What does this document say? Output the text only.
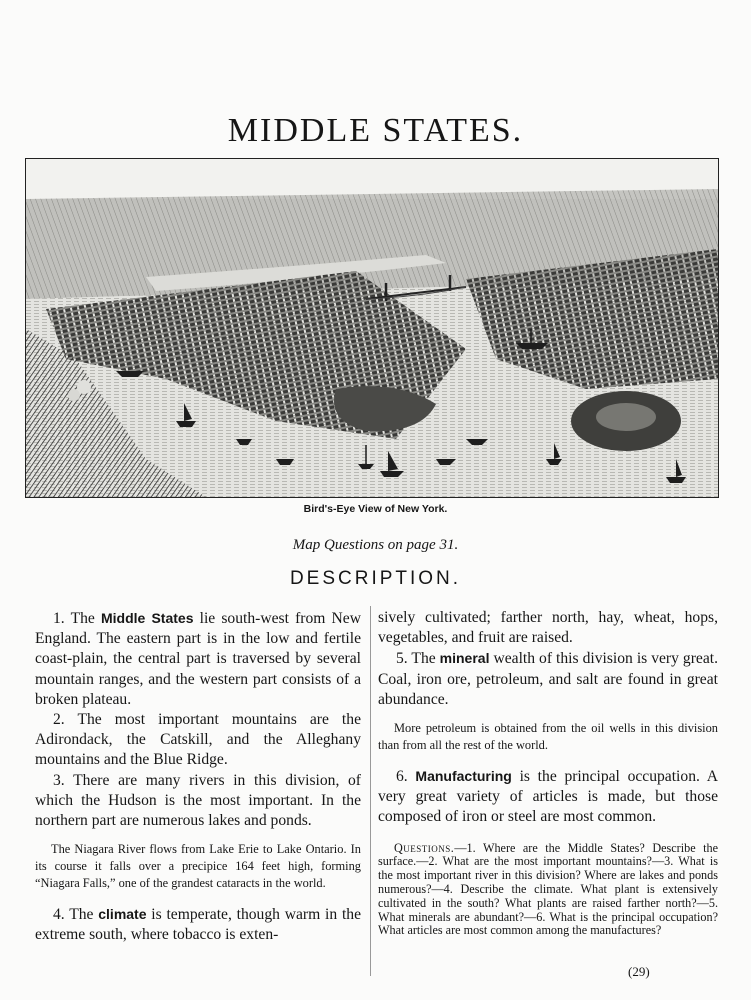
MIDDLE STATES.
Bird's-Eye View of New York.
Map Questions on page 31.
DESCRIPTION.

1. The Middle States lie south-west from New England. The eastern part is in the low and fertile coast-plain, the central part is traversed by several mountain ranges, and the western part consists of a broken plateau.

2. The most important mountains are the Adirondack, the Catskill, and the Alleghany mountains and the Blue Ridge.

3. There are many rivers in this division, of which the Hudson is the most important. In the northern part are numerous lakes and ponds.

The Niagara River flows from Lake Erie to Lake Ontario. In its course it falls over a precipice 164 feet high, forming “Niagara Falls,” one of the grandest cataracts in the world.

4. The climate is temperate, though warm in the extreme south, where tobacco is exten-

sively cultivated; farther north, hay, wheat, hops, vegetables, and fruit are raised.

5. The mineral wealth of this division is very great. Coal, iron ore, petroleum, and salt are found in great abundance.

More petroleum is obtained from the oil wells in this division than from all the rest of the world.

6. Manufacturing is the principal occupation. A very great variety of articles is made, but those composed of iron or steel are most common.

Questions.—1. Where are the Middle States? Describe the surface.—2. What are the most important mountains?—3. What is the most important river in this division? Where are lakes and ponds numerous?—4. Describe the climate. What plant is extensively cultivated in the south? What plants are raised farther north?—5. What minerals are abundant?—6. What is the principal occupation? What articles are most common among the manufactures?

(29)
